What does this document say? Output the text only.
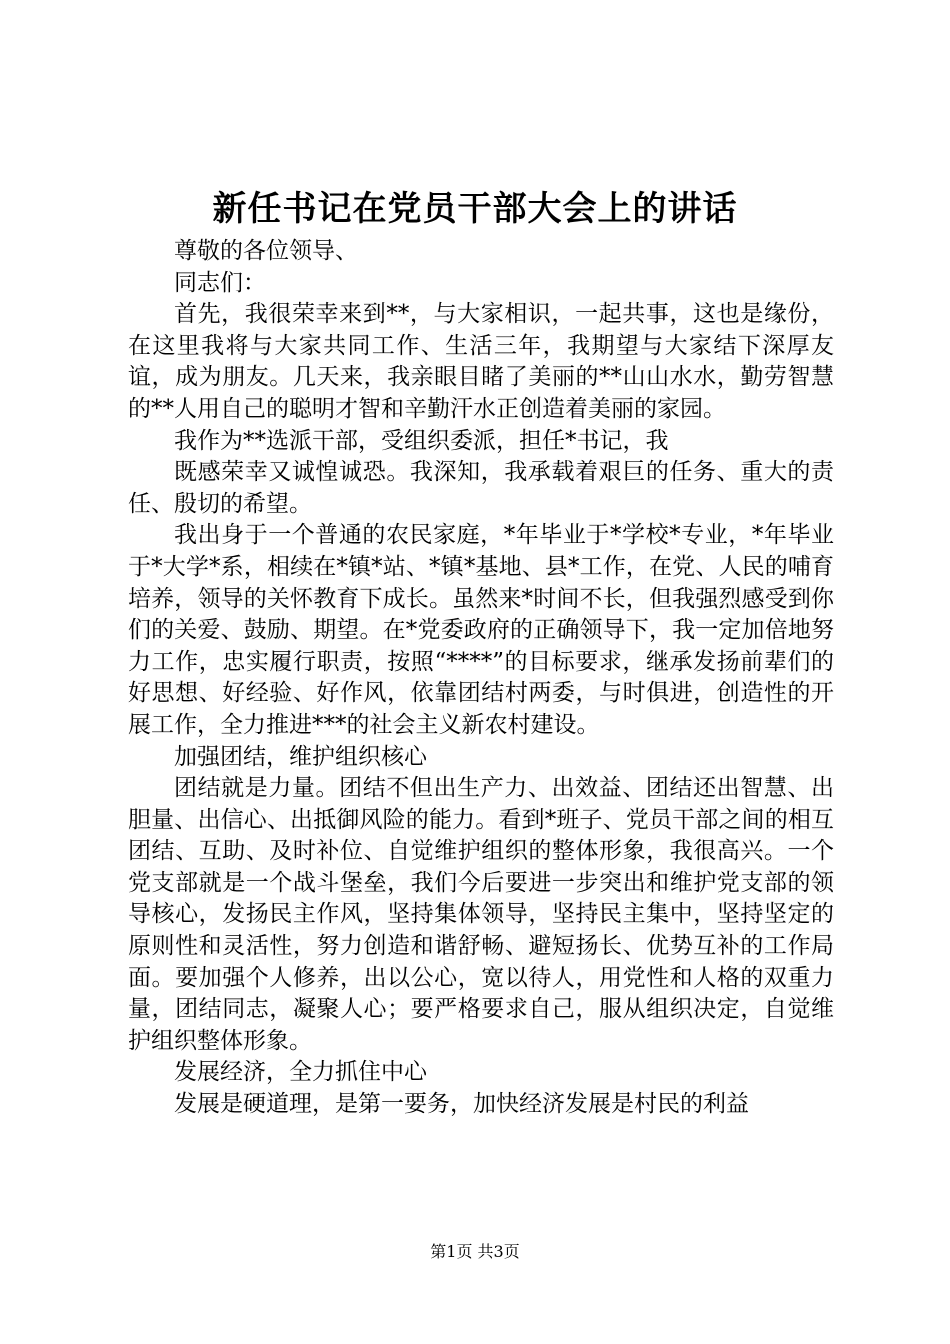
新任书记在党员干部大会上的讲话

尊敬的各位领导、

同志们：

首先，我很荣幸来到**，与大家相识，一起共事，这也是缘份，在这里我将与大家共同工作、生活三年，我期望与大家结下深厚友谊，成为朋友。几天来，我亲眼目睹了美丽的**山山水水，勤劳智慧的**人用自己的聪明才智和辛勤汗水正创造着美丽的家园。

我作为**选派干部，受组织委派，担任*书记，我

既感荣幸又诚惶诚恐。我深知，我承载着艰巨的任务、重大的责任、殷切的希望。

我出身于一个普通的农民家庭，*年毕业于*学校*专业，*年毕业于*大学*系，相续在*镇*站、*镇*基地、县*工作，在党、人民的哺育培养，领导的关怀教育下成长。虽然来*时间不长，但我强烈感受到你们的关爱、鼓励、期望。在*党委政府的正确领导下，我一定加倍地努力工作，忠实履行职责，按照“****”的目标要求，继承发扬前辈们的好思想、好经验、好作风，依靠团结村两委，与时俱进，创造性的开展工作，全力推进***的社会主义新农村建设。

加强团结，维护组织核心

团结就是力量。团结不但出生产力、出效益、团结还出智慧、出胆量、出信心、出抵御风险的能力。看到*班子、党员干部之间的相互团结、互助、及时补位、自觉维护组织的整体形象，我很高兴。一个党支部就是一个战斗堡垒，我们今后要进一步突出和维护党支部的领导核心，发扬民主作风，坚持集体领导，坚持民主集中，坚持坚定的原则性和灵活性，努力创造和谐舒畅、避短扬长、优势互补的工作局面。要加强个人修养，出以公心，宽以待人，用党性和人格的双重力量，团结同志，凝聚人心；要严格要求自己，服从组织决定，自觉维护组织整体形象。

发展经济，全力抓住中心

发展是硬道理，是第一要务，加快经济发展是村民的利益

第1页 共3页
